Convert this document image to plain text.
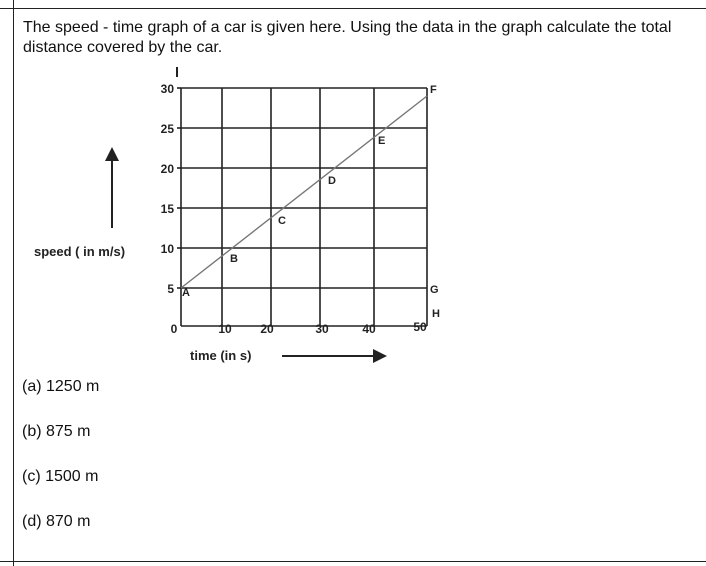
The speed - time graph of a car is given here. Using the data in the graph calculate the total distance covered by the car.

30
25
20
15
10
5
0	10 20	30	40	50
A
B
C
D
E
F
G
H
speed ( in m/s)
time (in s)
(a) 1250 m
(b) 875 m
(c) 1500 m
(d) 870 m
